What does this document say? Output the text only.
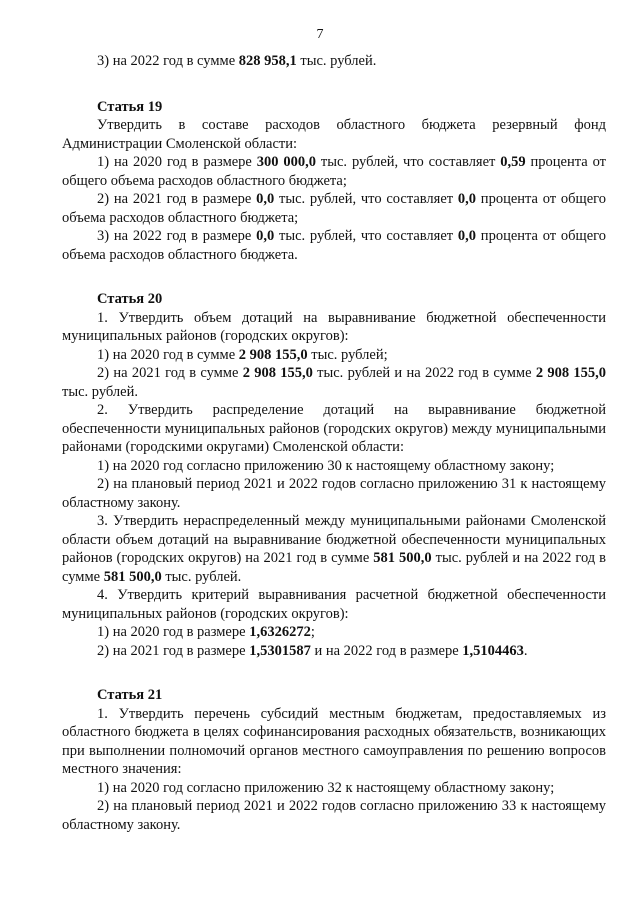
7

3) на 2022 год в сумме 828 958,1 тыс. рублей.

Статья 19

Утвердить в составе расходов областного бюджета резервный фонд Администрации Смоленской области:

1) на 2020 год в размере 300 000,0 тыс. рублей, что составляет 0,59 процента от общего объема расходов областного бюджета;

2) на 2021 год в размере 0,0 тыс. рублей, что составляет 0,0 процента от общего объема расходов областного бюджета;

3) на 2022 год в размере 0,0 тыс. рублей, что составляет 0,0 процента от общего объема расходов областного бюджета.

Статья 20

1. Утвердить объем дотаций на выравнивание бюджетной обеспеченности муниципальных районов (городских округов):

1) на 2020 год в сумме 2 908 155,0 тыс. рублей;

2) на 2021 год в сумме 2 908 155,0 тыс. рублей и на 2022 год в сумме 2 908 155,0 тыс. рублей.

2. Утвердить распределение дотаций на выравнивание бюджетной обеспеченности муниципальных районов (городских округов) между муниципальными районами (городскими округами) Смоленской области:

1) на 2020 год согласно приложению 30 к настоящему областному закону;

2) на плановый период 2021 и 2022 годов согласно приложению 31 к настоящему областному закону.

3. Утвердить нераспределенный между муниципальными районами Смоленской области объем дотаций на выравнивание бюджетной обеспеченности муниципальных районов (городских округов) на 2021 год в сумме 581 500,0 тыс. рублей и на 2022 год в сумме 581 500,0 тыс. рублей.

4. Утвердить критерий выравнивания расчетной бюджетной обеспеченности муниципальных районов (городских округов):

1) на 2020 год в размере 1,6326272;

2) на 2021 год в размере 1,5301587 и на 2022 год в размере 1,5104463.

Статья 21

1. Утвердить перечень субсидий местным бюджетам, предоставляемых из областного бюджета в целях софинансирования расходных обязательств, возникающих при выполнении полномочий органов местного самоуправления по решению вопросов местного значения:

1) на 2020 год согласно приложению 32 к настоящему областному закону;

2) на плановый период 2021 и 2022 годов согласно приложению 33 к настоящему областному закону.
